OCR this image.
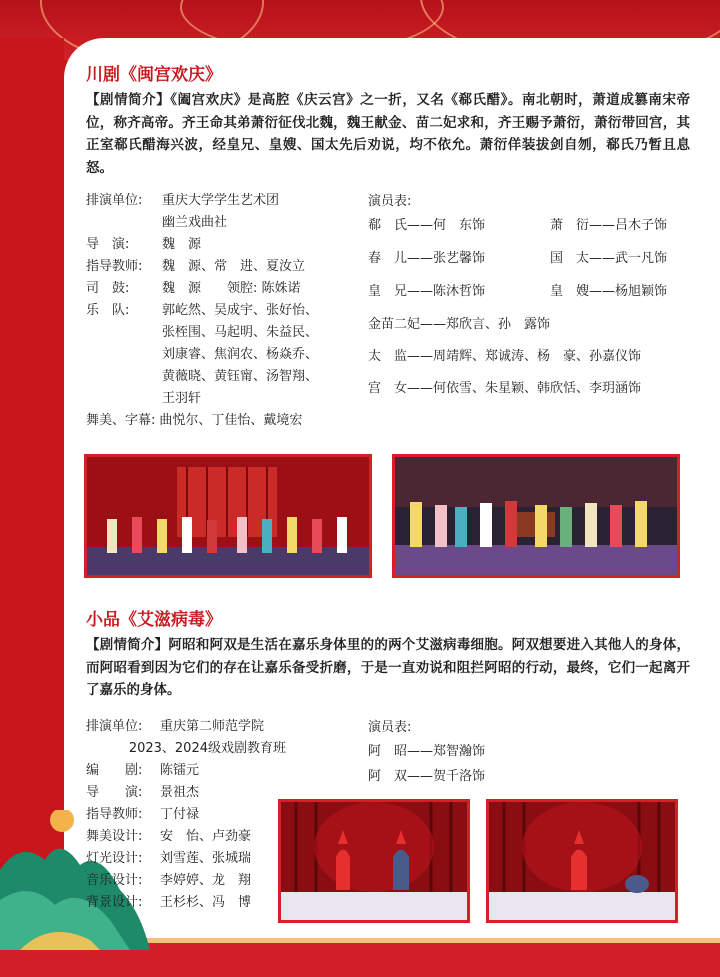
川剧《闽宫欢庆》
【剧情简介】《阖宫欢庆》是高腔《庆云宫》之一折，又名《郗氏醋》。南北朝时，萧道成篡南宋帝位，称齐高帝。齐王命其弟萧衍征伐北魏，魏王献金、苗二妃求和，齐王赐予萧衍，萧衍带回宫，其正室郗氏醋海兴波，经皇兄、皇嫂、国太先后劝说，均不依允。萧衍佯装拔剑自刎，郗氏乃暂且息怒。
排演单位:	重庆大学学生艺术团
幽兰戏曲社
导　演:	魏　源
指导教师:	魏　源、常　进、夏汝立
司　鼓:	魏　源　　领腔: 陈姝诺
乐　队:	郭屹然、吴成宇、张好怡、
张桎围、马起明、朱益民、
刘康睿、焦润农、杨焱乔、
黄薇晓、黄钰甯、汤智翔、
王羽轩
舞美、字幕: 曲悦尔、丁佳怡、戴境宏
演员表:
郗　氏——何　东饰	萧　衍——吕木子饰
春　儿——张艺馨饰	国　太——武一凡饰
皇　兄——陈沐哲饰	皇　嫂——杨旭颖饰
金苗二妃——郑欣言、孙　露饰
太　监——周靖辉、郑诚涛、杨　豪、孙嘉仪饰
宫　女——何依雪、朱星颖、韩欣恬、李玥涵饰
小品《艾滋病毒》
【剧情简介】阿昭和阿双是生活在嘉乐身体里的的两个艾滋病毒细胞。阿双想要进入其他人的身体，而阿昭看到因为它们的存在让嘉乐备受折磨，于是一直劝说和阻拦阿昭的行动，最终，它们一起离开了嘉乐的身体。
排演单位:	重庆第二师范学院
2023、2024级戏剧教育班
编　　剧:	陈镭元
导　　演:	景祖杰
指导教师:	丁付禄
舞美设计:	安　怡、卢劲豪
灯光设计:	刘雪莲、张城瑞
音乐设计:	李婷婷、龙　翔
背景设计:	王杉杉、冯　博
演员表:
阿　昭——郑智瀚饰
阿　双——贺千洛饰
